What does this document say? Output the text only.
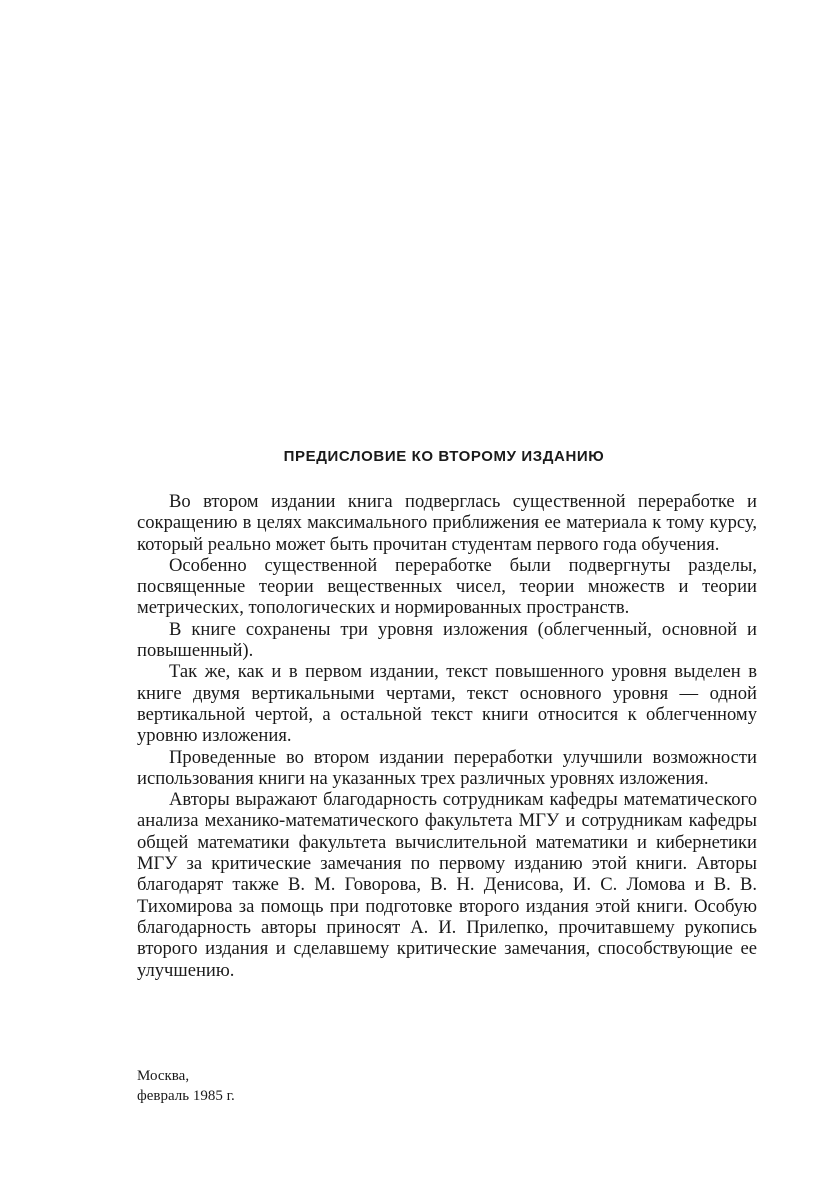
ПРЕДИСЛОВИЕ КО ВТОРОМУ ИЗДАНИЮ

Во втором издании книга подверглась существенной переработке и сокращению в целях максимального приближения ее материала к тому курсу, который реально может быть прочитан студентам первого года обучения.

Особенно существенной переработке были подвергнуты разделы, посвященные теории вещественных чисел, теории множеств и теории метрических, топологических и нормированных пространств.

В книге сохранены три уровня изложения (облегченный, основной и повышенный).

Так же, как и в первом издании, текст повышенного уровня выделен в книге двумя вертикальными чертами, текст основного уровня — одной вертикальной чертой, а остальной текст книги относится к облегченному уровню изложения.

Проведенные во втором издании переработки улучшили возможности использования книги на указанных трех различных уровнях изложения.

Авторы выражают благодарность сотрудникам кафедры математического анализа механико-математического факультета МГУ и сотрудникам кафедры общей математики факультета вычислительной математики и кибернетики МГУ за критические замечания по первому изданию этой книги. Авторы благодарят также В. М. Говорова, В. Н. Денисова, И. С. Ломова и В. В. Тихомирова за помощь при подготовке второго издания этой книги. Особую благодарность авторы приносят А. И. Прилепко, прочитавшему рукопись второго издания и сделавшему критические замечания, способствующие ее улучшению.

Москва,
февраль 1985 г.
